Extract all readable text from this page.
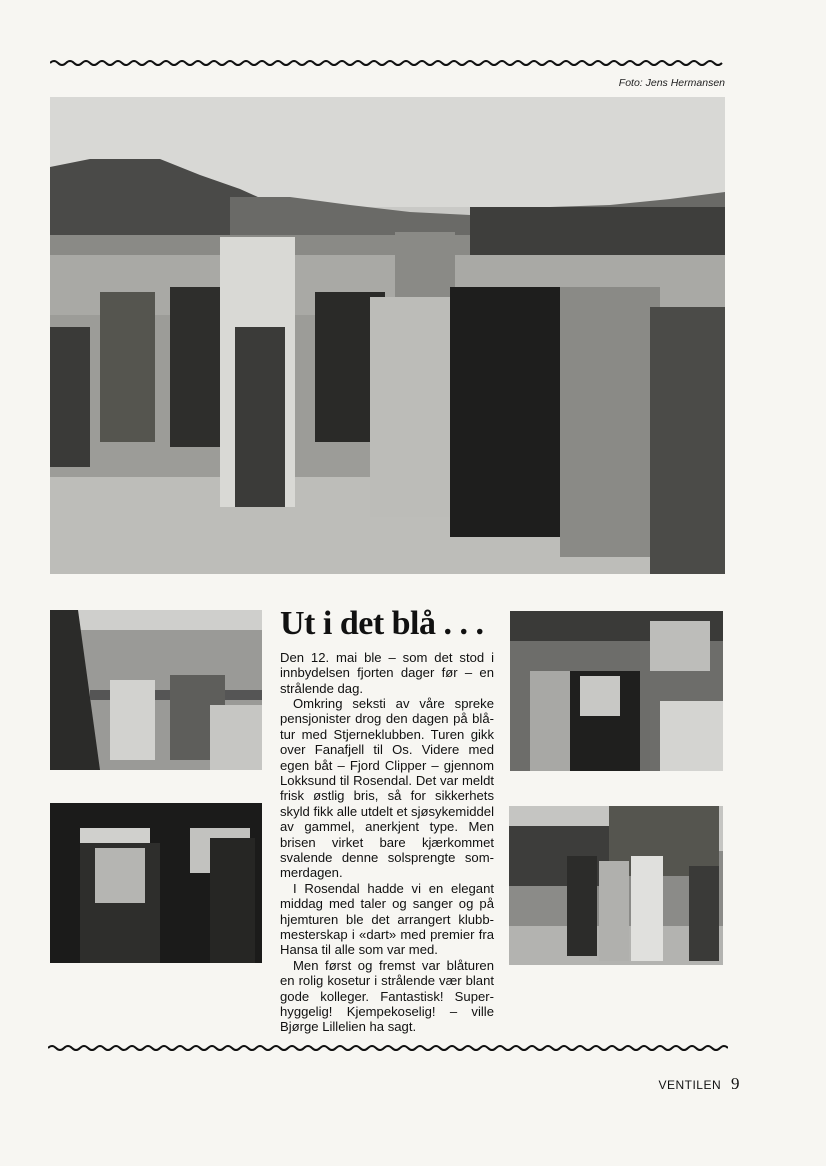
Foto: Jens Hermansen
Ut i det blå . . .

Den 12. mai ble – som det stod i innbydelsen fjorten dager før – en strålende dag.

Omkring seksti av våre spreke pensjonister drog den dagen på blåtur med Stjerneklubben. Turen gikk over Fanafjell til Os. Videre med egen båt – Fjord Clipper – gjennom Lokksund til Rosendal. Det var meldt frisk østlig bris, så for sikkerhets skyld fikk alle utdelt et sjøsykemiddel av gammel, anerkjent type. Men brisen virket bare kjærkommet svalende denne solsprengte sommerdagen.

I Rosendal hadde vi en elegant middag med taler og sanger og på hjemturen ble det arrangert klubbmesterskap i «dart» med premier fra Hansa til alle som var med.

Men først og fremst var blåturen en rolig kosetur i strålende vær blant gode kolleger. Fantastisk! Superhyggelig! Kjempekoselig! – ville Bjørge Lillelien ha sagt.

VENTILEN 9
